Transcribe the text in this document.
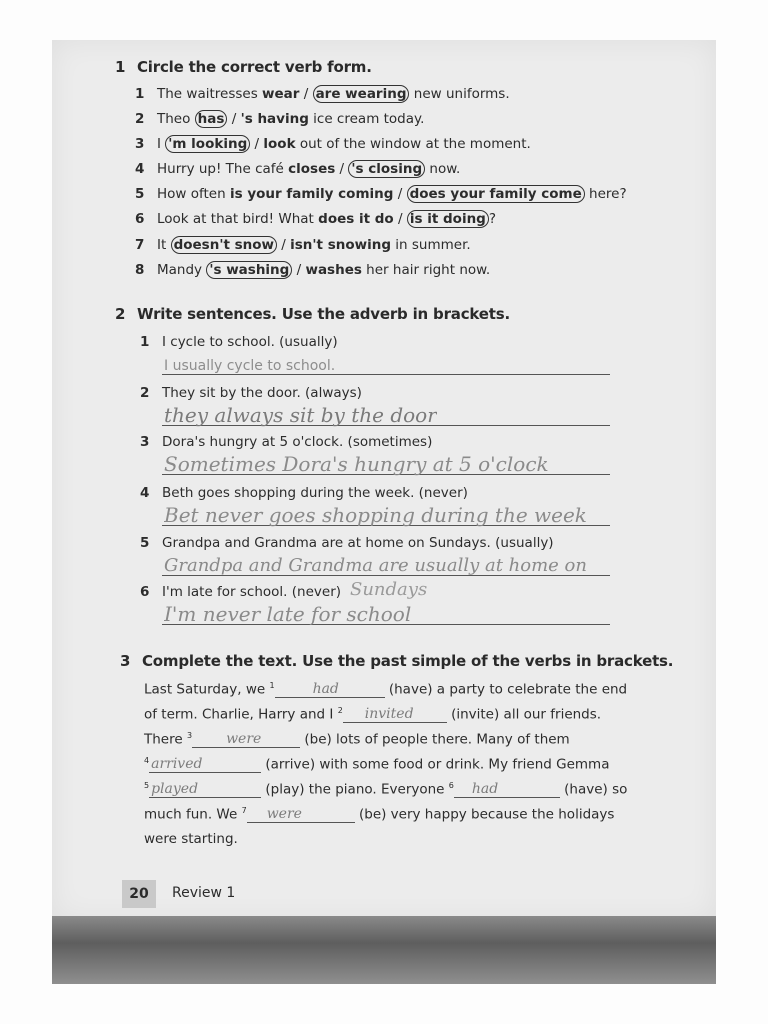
1 Circle the correct verb form.
1 The waitresses wear / are wearing new uniforms.
2 Theo has / 's having ice cream today.
3 I 'm looking / look out of the window at the moment.
4 Hurry up! The café closes / 's closing now.
5 How often is your family coming / does your family come here?
6 Look at that bird! What does it do / is it doing ?
7 It doesn't snow / isn't snowing in summer.
8 Mandy 's washing / washes her hair right now.
2 Write sentences. Use the adverb in brackets.
1 I cycle to school. (usually)
I usually cycle to school.
2 They sit by the door. (always)
they always sit by the door
3 Dora's hungry at 5 o'clock. (sometimes)
Sometimes Dora's hungry at 5 o'clock
4 Beth goes shopping during the week. (never)
Bet never goes shopping during the week
5 Grandpa and Grandma are at home on Sundays. (usually)
Grandpa and Grandma are usually at home on
Sundays
6 I'm late for school. (never)
I'm never late for school
3 Complete the text. Use the past simple of the verbs in brackets.
Last Saturday, we $^1$	had	(have) a party to celebrate the end
of term. Charlie, Harry and I $^2$ invited (invite) all our friends.
There $^3$ were	(be) lots of people there. Many of them
$^4$ arrived	(arrive) with some food or drink. My friend Gemma
$^5$ played	(play) the piano. Everyone $^6$ had	(have) so
much fun. We $^7$ were	(be) very happy because the holidays
were starting.
20	Review 1
